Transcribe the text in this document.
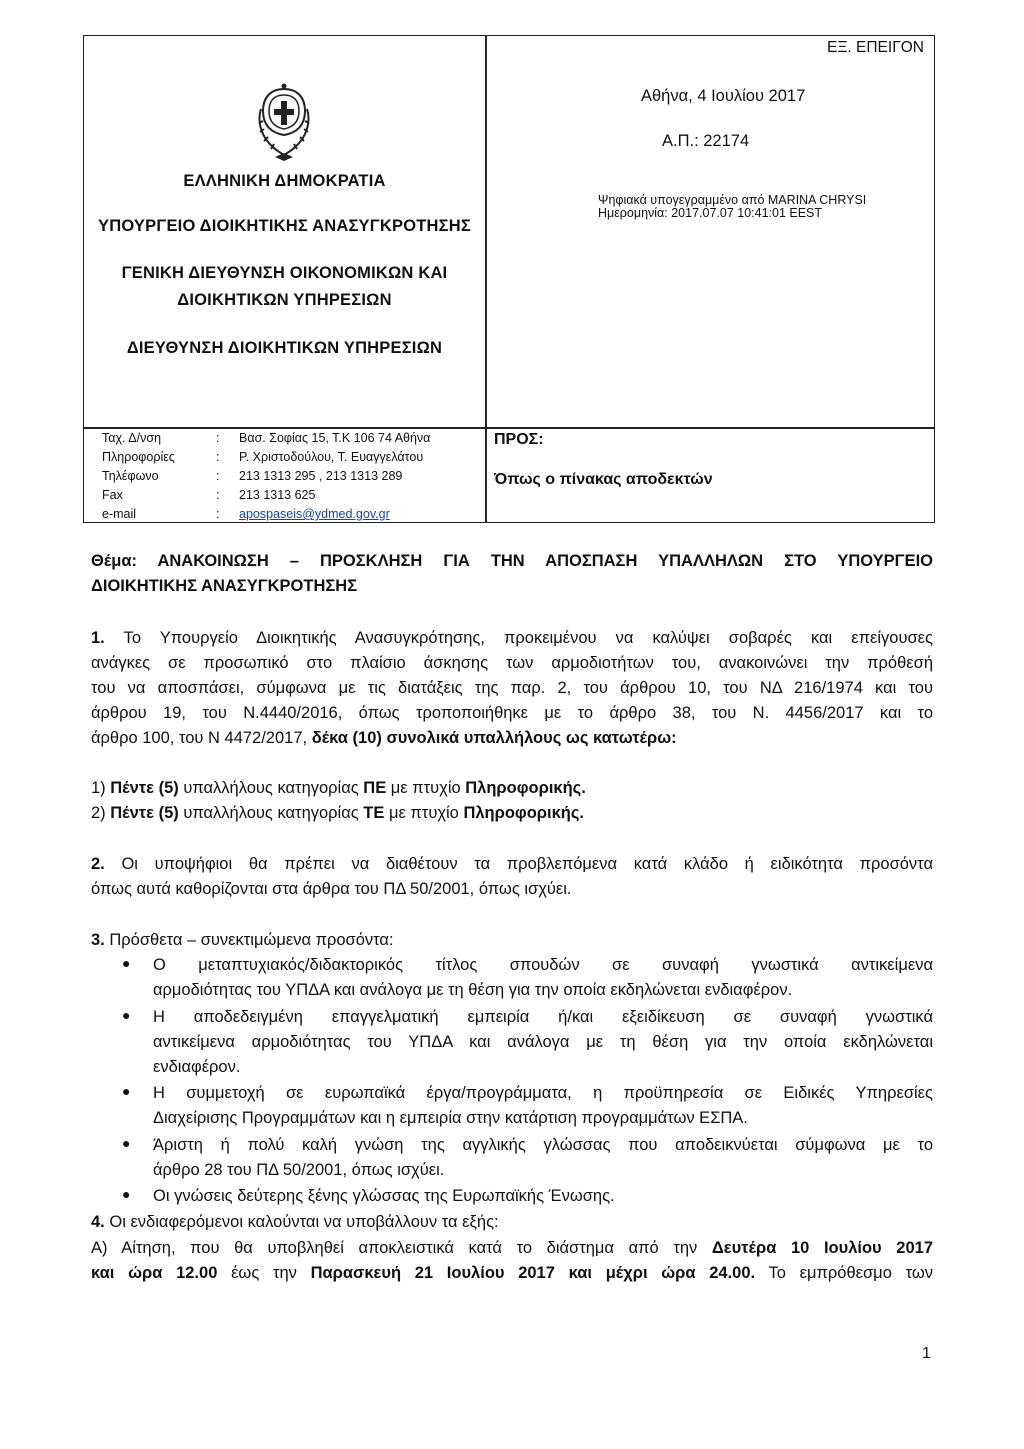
ΕΛΛΗΝΙΚΗ ΔΗΜΟΚΡΑΤΙΑ
ΥΠΟΥΡΓΕΙΟ ΔΙΟΙΚΗΤΙΚΗΣ ΑΝΑΣΥΓΚΡΟΤΗΣΗΣ
ΓΕΝΙΚΗ ΔΙΕΥΘΥΝΣΗ ΟΙΚΟΝΟΜΙΚΩΝ ΚΑΙ
ΔΙΟΙΚΗΤΙΚΩΝ ΥΠΗΡΕΣΙΩΝ
ΔΙΕΥΘΥΝΣΗ ΔΙΟΙΚΗΤΙΚΩΝ ΥΠΗΡΕΣΙΩΝ
ΕΞ. ΕΠΕΙΓΟΝ
Αθήνα, 4 Ιουλίου 2017
Α.Π.: 22174
Ψηφιακά υπογεγραμμένο από MARINA CHRYSI
Ημερομηνία: 2017.07.07 10:41:01 EEST
Ταχ. Δ/νση	: Βασ. Σοφίας 15, Τ.Κ 106 74 Αθήνα
Πληροφορίες	: Ρ. Χριστοδούλου, Τ. Ευαγγελάτου
Τηλέφωνο	: 213 1313 295 , 213 1313 289
Fax	: 213 1313 625
e-mail	: apospaseis@ydmed.gov.gr
ΠΡΟΣ:
Όπως ο πίνακας αποδεκτών
Θέμα: ΑΝΑΚΟΙΝΩΣΗ – ΠΡΟΣΚΛΗΣΗ ΓΙΑ ΤΗΝ ΑΠΟΣΠΑΣΗ ΥΠΑΛΛΗΛΩΝ ΣΤΟ ΥΠΟΥΡΓΕΙΟ
ΔΙΟΙΚΗΤΙΚΗΣ ΑΝΑΣΥΓΚΡΟΤΗΣΗΣ
1. Το Υπουργείο Διοικητικής Ανασυγκρότησης, προκειμένου να καλύψει σοβαρές και επείγουσες
ανάγκες σε προσωπικό στο πλαίσιο άσκησης των αρμοδιοτήτων του, ανακοινώνει την πρόθεσή
του να αποσπάσει, σύμφωνα με τις διατάξεις της παρ. 2, του άρθρου 10, του ΝΔ 216/1974 και του
άρθρου 19, του Ν.4440/2016, όπως τροποποιήθηκε με το άρθρο 38, του Ν. 4456/2017 και το
άρθρο 100, του Ν 4472/2017, δέκα (10) συνολικά υπαλλήλους ως κατωτέρω:
1) Πέντε (5) υπαλλήλους κατηγορίας ΠΕ με πτυχίο Πληροφορικής.
2) Πέντε (5) υπαλλήλους κατηγορίας ΤΕ με πτυχίο Πληροφορικής.
2. Οι υποψήφιοι θα πρέπει να διαθέτουν τα προβλεπόμενα κατά κλάδο ή ειδικότητα προσόντα
όπως αυτά καθορίζονται στα άρθρα του ΠΔ 50/2001, όπως ισχύει.
3. Πρόσθετα – συνεκτιμώμενα προσόντα:
● Ο μεταπτυχιακός/διδακτορικός τίτλος σπουδών σε συναφή γνωστικά αντικείμενα
αρμοδιότητας του ΥΠΔΑ και ανάλογα με τη θέση για την οποία εκδηλώνεται ενδιαφέρον.
● Η αποδεδειγμένη επαγγελματική εμπειρία ή/και εξειδίκευση σε συναφή γνωστικά
αντικείμενα αρμοδιότητας του ΥΠΔΑ και ανάλογα με τη θέση για την οποία εκδηλώνεται
ενδιαφέρον.
● Η συμμετοχή σε ευρωπαϊκά έργα/προγράμματα, η προϋπηρεσία σε Ειδικές Υπηρεσίες
Διαχείρισης Προγραμμάτων και η εμπειρία στην κατάρτιση προγραμμάτων ΕΣΠΑ.
● Άριστη ή πολύ καλή γνώση της αγγλικής γλώσσας που αποδεικνύεται σύμφωνα με το
άρθρο 28 του ΠΔ 50/2001, όπως ισχύει.
● Οι γνώσεις δεύτερης ξένης γλώσσας της Ευρωπαϊκής Ένωσης.
4. Οι ενδιαφερόμενοι καλούνται να υποβάλλουν τα εξής:
Α) Αίτηση, που θα υποβληθεί αποκλειστικά κατά το διάστημα από την Δευτέρα 10 Ιουλίου 2017
και ώρα 12.00 έως την Παρασκευή 21 Ιουλίου 2017 και μέχρι ώρα 24.00. Το εμπρόθεσμο των
1
